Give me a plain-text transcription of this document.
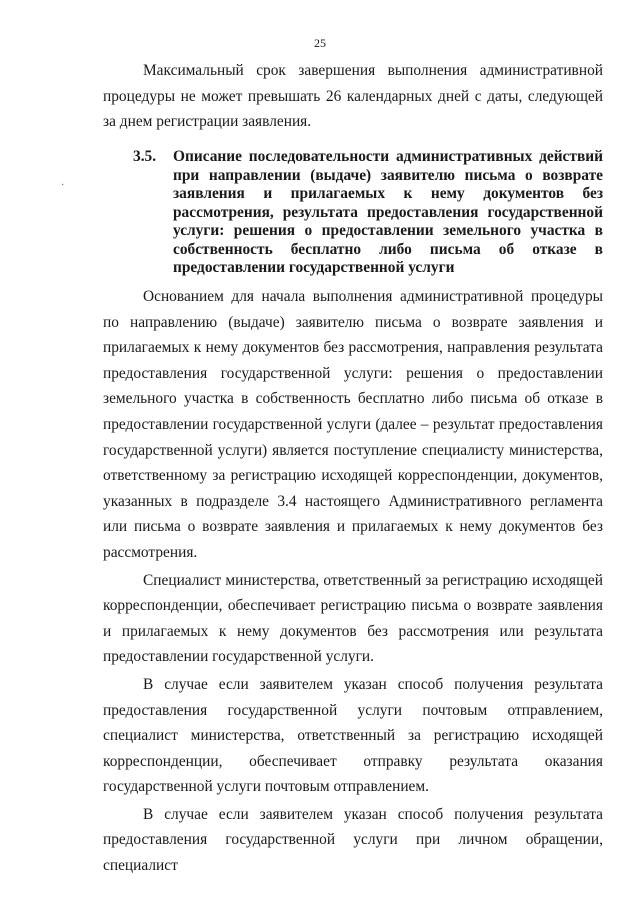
25
·

Максимальный срок завершения выполнения административной процедуры не может превышать 26 календарных дней с даты, следующей за днем регистрации заявления.

3.5. Описание последовательности административных действий при направлении (выдаче) заявителю письма о возврате заявления и прилагаемых к нему документов без рассмотрения, результата предоставления государственной услуги: решения о предоставлении земельного участка в собственность бесплатно либо письма об отказе в предоставлении государственной услуги

Основанием для начала выполнения административной процедуры по направлению (выдаче) заявителю письма о возврате заявления и прилагаемых к нему документов без рассмотрения, направления результата предоставления государственной услуги: решения о предоставлении земельного участка в собственность бесплатно либо письма об отказе в предоставлении государственной услуги (далее – результат предоставления государственной услуги) является поступление специалисту министерства, ответственному за регистрацию исходящей корреспонденции, документов, указанных в подразделе 3.4 настоящего Административного регламента или письма о возврате заявления и прилагаемых к нему документов без рассмотрения.

Специалист министерства, ответственный за регистрацию исходящей корреспонденции, обеспечивает регистрацию письма о возврате заявления и прилагаемых к нему документов без рассмотрения или результата предоставлении государственной услуги.

В случае если заявителем указан способ получения результата предоставления государственной услуги почтовым отправлением, специалист министерства, ответственный за регистрацию исходящей корреспонденции, обеспечивает отправку результата оказания государственной услуги почтовым отправлением.

В случае если заявителем указан способ получения результата предоставления государственной услуги при личном обращении, специалист
